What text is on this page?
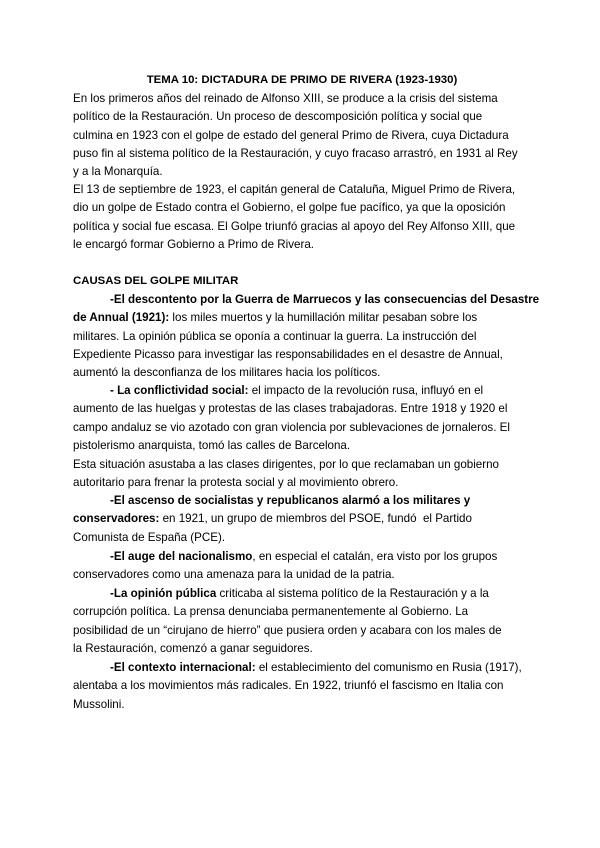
TEMA 10: DICTADURA DE PRIMO DE RIVERA (1923-1930)
En los primeros años del reinado de Alfonso XIII, se produce a la crisis del sistema
político de la Restauración. Un proceso de descomposición política y social que
culmina en 1923 con el golpe de estado del general Primo de Rivera, cuya Dictadura
puso fin al sistema político de la Restauración, y cuyo fracaso arrastró, en 1931 al Rey
y a la Monarquía.
El 13 de septiembre de 1923, el capitán general de Cataluña, Miguel Primo de Rivera,
dio un golpe de Estado contra el Gobierno, el golpe fue pacífico, ya que la oposición
política y social fue escasa. El Golpe triunfó gracias al apoyo del Rey Alfonso XIII, que
le encargó formar Gobierno a Primo de Rivera.
CAUSAS DEL GOLPE MILITAR
-El descontento por la Guerra de Marruecos y las consecuencias del Desastre
de Annual (1921): los miles muertos y la humillación militar pesaban sobre los
militares. La opinión pública se oponía a continuar la guerra. La instrucción del
Expediente Picasso para investigar las responsabilidades en el desastre de Annual,
aumentó la desconfianza de los militares hacia los políticos.
- La conflictividad social: el impacto de la revolución rusa, influyó en el
aumento de las huelgas y protestas de las clases trabajadoras. Entre 1918 y 1920 el
campo andaluz se vio azotado con gran violencia por sublevaciones de jornaleros. El
pistolerismo anarquista, tomó las calles de Barcelona.
Esta situación asustaba a las clases dirigentes, por lo que reclamaban un gobierno
autoritario para frenar la protesta social y al movimiento obrero.
-El ascenso de socialistas y republicanos alarmó a los militares y
conservadores: en 1921, un grupo de miembros del PSOE, fundó  el Partido
Comunista de España (PCE).
-El auge del nacionalismo, en especial el catalán, era visto por los grupos
conservadores como una amenaza para la unidad de la patria.
-La opinión pública criticaba al sistema político de la Restauración y a la
corrupción política. La prensa denunciaba permanentemente al Gobierno. La
posibilidad de un “cirujano de hierro” que pusiera orden y acabara con los males de
la Restauración, comenzó a ganar seguidores.
-El contexto internacional: el establecimiento del comunismo en Rusia (1917),
alentaba a los movimientos más radicales. En 1922, triunfó el fascismo en Italia con
Mussolini.
